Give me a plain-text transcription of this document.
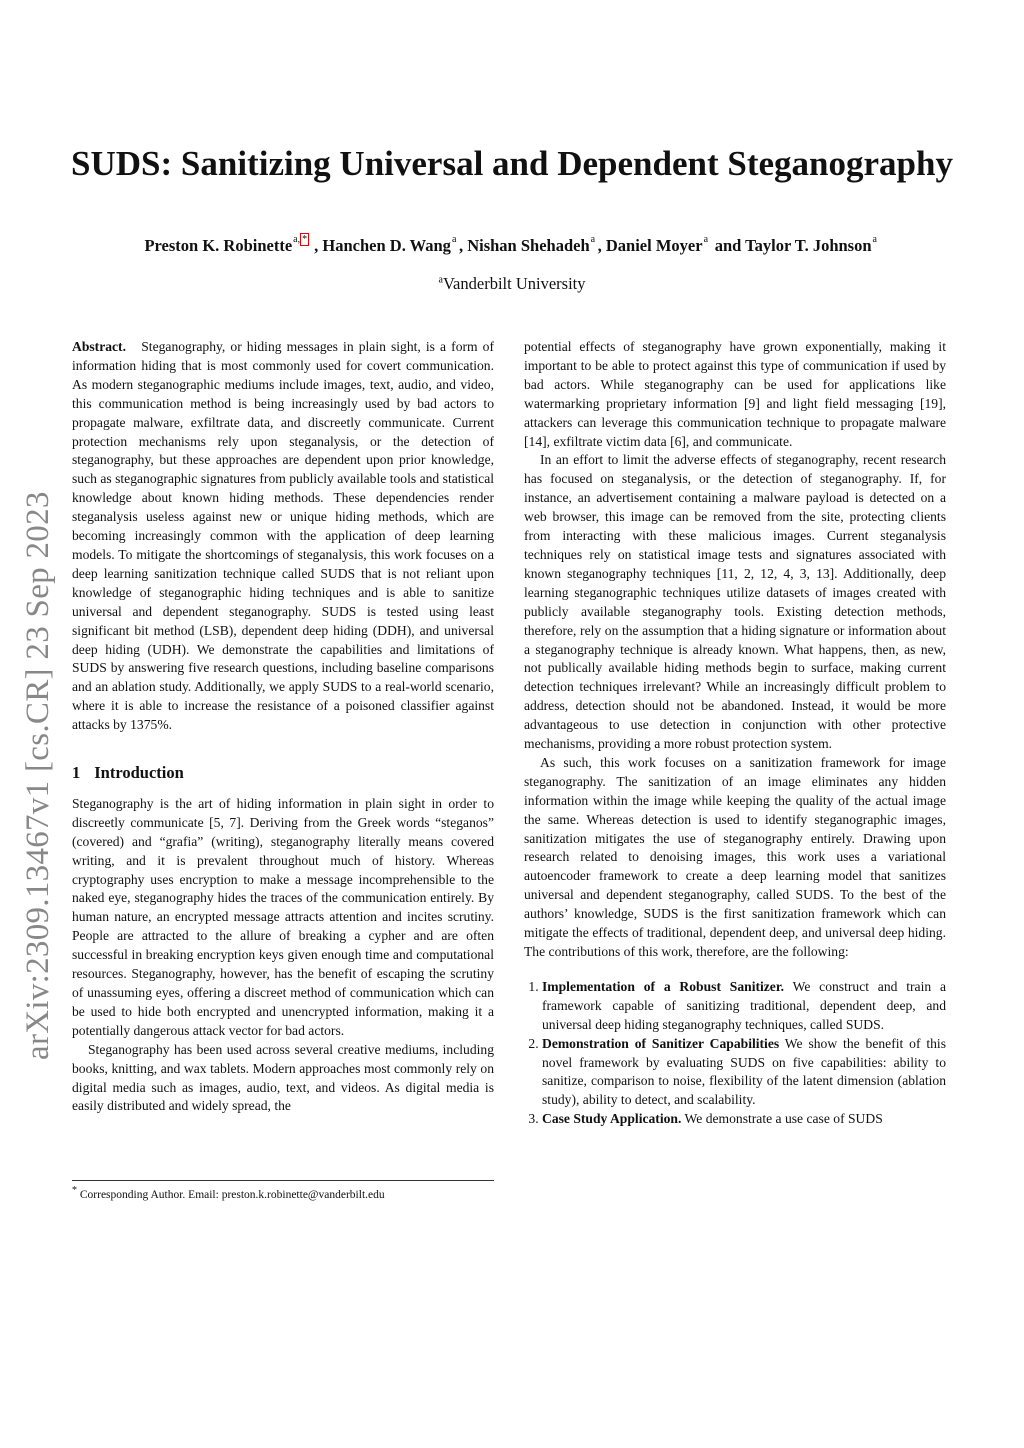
arXiv:2309.13467v1 [cs.CR] 23 Sep 2023
SUDS: Sanitizing Universal and Dependent Steganography
Preston K. Robinette , Hanchen D. Wang , Nishan Shehadeh , Daniel Moyer and Taylor T. Johnson
a, *	a	a	a	a
$^a$Vanderbilt University

Abstract. Steganography, or hiding messages in plain sight, is a form of information hiding that is most commonly used for covert communication. As modern steganographic mediums include images, text, audio, and video, this communication method is being increasingly used by bad actors to propagate malware, exfiltrate data, and discreetly communicate. Current protection mechanisms rely upon steganalysis, or the detection of steganography, but these approaches are dependent upon prior knowledge, such as steganographic signatures from publicly available tools and statistical knowledge about known hiding methods. These dependencies render steganalysis useless against new or unique hiding methods, which are becoming increasingly common with the application of deep learning models. To mitigate the shortcomings of steganalysis, this work focuses on a deep learning sanitization technique called SUDS that is not reliant upon knowledge of steganographic hiding techniques and is able to sanitize universal and dependent steganography. SUDS is tested using least significant bit method (LSB), dependent deep hiding (DDH), and universal deep hiding (UDH). We demonstrate the capabilities and limitations of SUDS by answering five research questions, including baseline comparisons and an ablation study. Additionally, we apply SUDS to a real-world scenario, where it is able to increase the resistance of a poisoned classifier against attacks by 1375%.

1 Introduction

Steganography is the art of hiding information in plain sight in order to discreetly communicate [5, 7]. Deriving from the Greek words “steganos” (covered) and “grafia” (writing), steganography literally means covered writing, and it is prevalent throughout much of history. Whereas cryptography uses encryption to make a message incomprehensible to the naked eye, steganography hides the traces of the communication entirely. By human nature, an encrypted message attracts attention and incites scrutiny. People are attracted to the allure of breaking a cypher and are often successful in breaking encryption keys given enough time and computational resources. Steganography, however, has the benefit of escaping the scrutiny of unassuming eyes, offering a discreet method of communication which can be used to hide both encrypted and unencrypted information, making it a potentially dangerous attack vector for bad actors.

Steganography has been used across several creative mediums, including books, knitting, and wax tablets. Modern approaches most commonly rely on digital media such as images, audio, text, and videos. As digital media is easily distributed and widely spread, the

* Corresponding Author. Email: preston.k.robinette@vanderbilt.edu

potential effects of steganography have grown exponentially, making it important to be able to protect against this type of communication if used by bad actors. While steganography can be used for applications like watermarking proprietary information [9] and light field messaging [19], attackers can leverage this communication technique to propagate malware [14], exfiltrate victim data [6], and communicate.

In an effort to limit the adverse effects of steganography, recent research has focused on steganalysis, or the detection of steganography. If, for instance, an advertisement containing a malware payload is detected on a web browser, this image can be removed from the site, protecting clients from interacting with these malicious images. Current steganalysis techniques rely on statistical image tests and signatures associated with known steganography techniques [11, 2, 12, 4, 3, 13]. Additionally, deep learning steganographic techniques utilize datasets of images created with publicly available steganography tools. Existing detection methods, therefore, rely on the assumption that a hiding signature or information about a steganography technique is already known. What happens, then, as new, not publically available hiding methods begin to surface, making current detection techniques irrelevant? While an increasingly difficult problem to address, detection should not be abandoned. Instead, it would be more advantageous to use detection in conjunction with other protective mechanisms, providing a more robust protection system.

As such, this work focuses on a sanitization framework for image steganography. The sanitization of an image eliminates any hidden information within the image while keeping the quality of the actual image the same. Whereas detection is used to identify steganographic images, sanitization mitigates the use of steganography entirely. Drawing upon research related to denoising images, this work uses a variational autoencoder framework to create a deep learning model that sanitizes universal and dependent steganography, called SUDS. To the best of the authors’ knowledge, SUDS is the first sanitization framework which can mitigate the effects of traditional, dependent deep, and universal deep hiding. The contributions of this work, therefore, are the following:

1. Implementation of a Robust Sanitizer. We construct and train a framework capable of sanitizing traditional, dependent deep, and universal deep hiding steganography techniques, called SUDS.
2. Demonstration of Sanitizer Capabilities We show the benefit of this novel framework by evaluating SUDS on five capabilities: ability to sanitize, comparison to noise, flexibility of the latent dimension (ablation study), ability to detect, and scalability.
3. Case Study Application. We demonstrate a use case of SUDS
